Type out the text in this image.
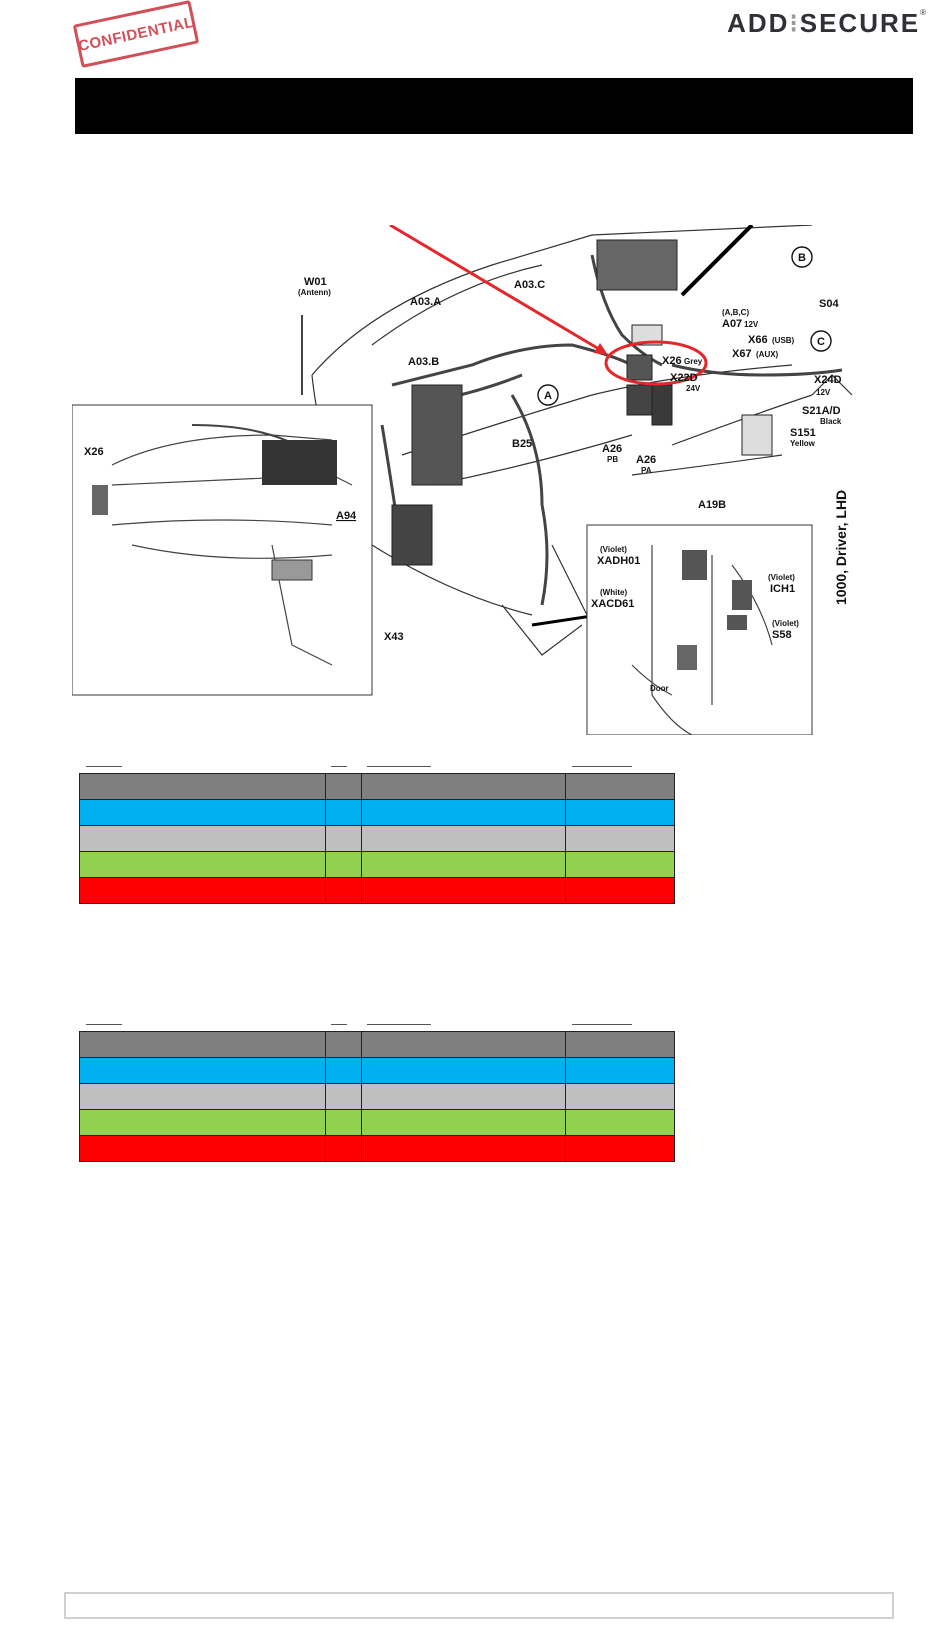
CONFIDENTIAL	ADD⁝SECURE®
W01
(Antenn)
A03.A
A03.B
A03.C
(A,B,C)
A07 12V
X66 (USB)
X67 (AUX)
X26 Grey
X22D
24V
S04
B
C
A
X24D
12V
S21A/D
Black
S151
Yellow
A26
PB A26
PA
B25
A19B
X43
X26
A94
(Violet)
XADH01
(White)
XACD61
(Violet)
ICH1
(Violet)
S58
Door
1000, Driver, LHD
